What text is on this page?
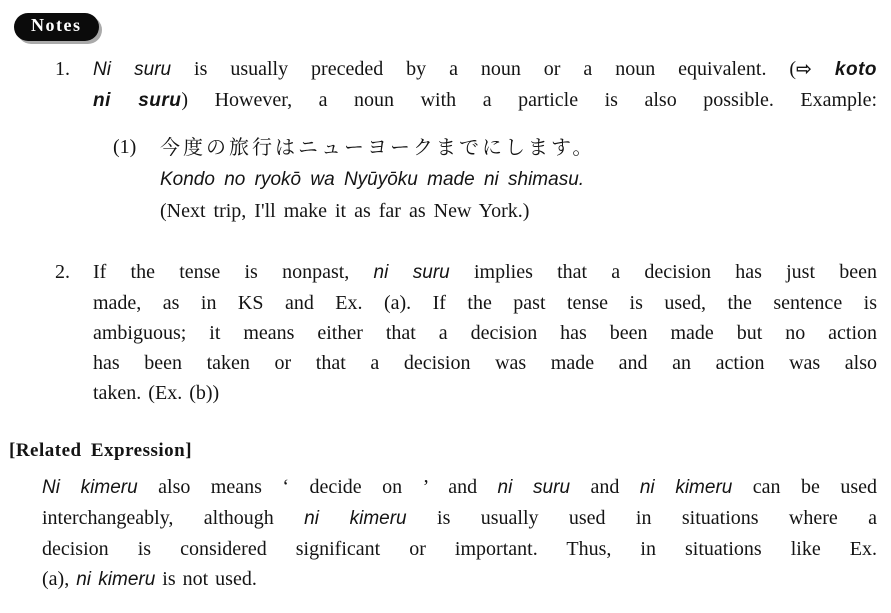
Notes
1.	Ni suru is usually preceded by a noun or a noun equivalent. (⇨ koto
ni suru) However, a noun with a particle is also possible. Example:
(1)	今度の旅行はニューヨークまでにします。
Kondo no ryokō wa Nyūyōku made ni shimasu.
(Next trip, I'll make it as far as New York.)
2.	If the tense is nonpast, ni suru implies that a decision has just been
made, as in KS and Ex. (a). If the past tense is used, the sentence is
ambiguous; it means either that a decision has been made but no action
has been taken or that a decision was made and an action was also
taken. (Ex. (b))
[Related Expression]
Ni kimeru also means ‘ decide on ’ and ni suru and ni kimeru can be used
interchangeably, although ni kimeru is usually used in situations where a
decision is considered significant or important. Thus, in situations like Ex.
(a), ni kimeru is not used.
